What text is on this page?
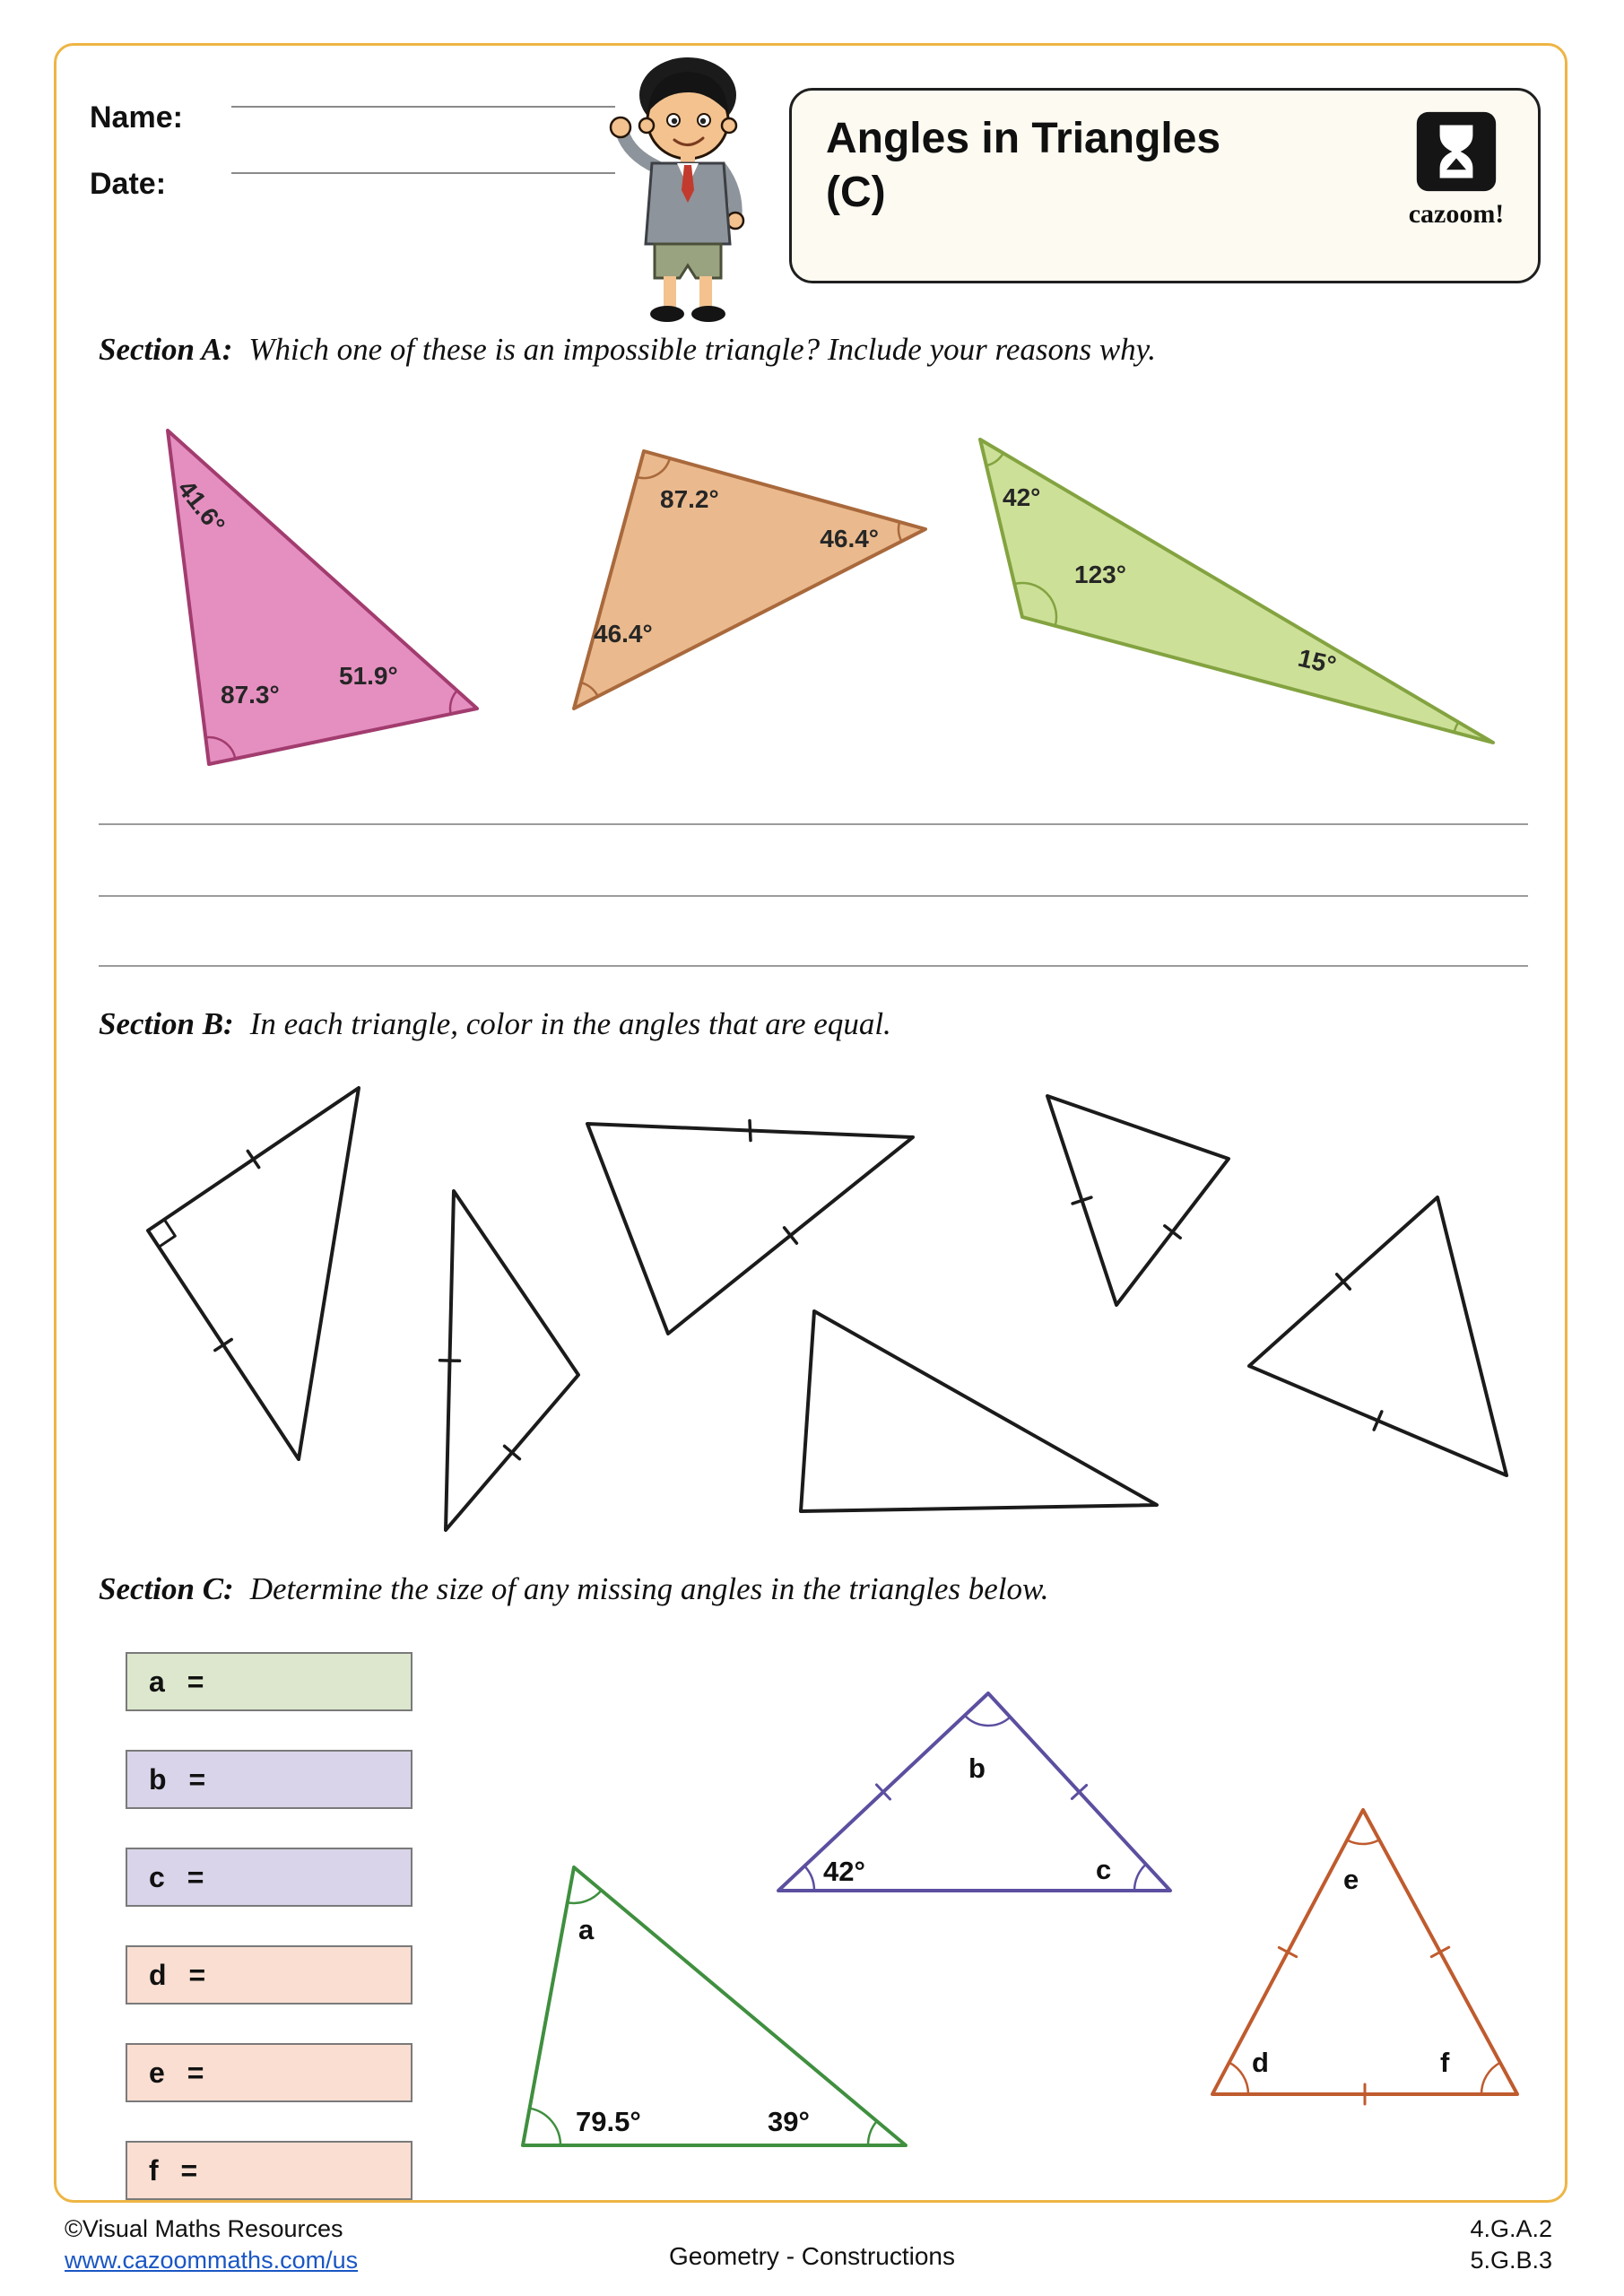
Name:
Date:
Angles in Triangles
(C)	cazoom!
Section A: Which one of these is an impossible triangle? Include your reasons why.
Section B: In each triangle, color in the angles that are equal.
Section C: Determine the size of any missing angles in the triangles below.
a =
b =
c =
d =
e =
f =
41.6°
87.3°
51.9°
87.2°
46.4°
46.4°
42°
123°
15°
42°
b
c
a
79.5°	39°
e
d	f
©Visual Maths Resources
www.cazoommaths.com/us	Geometry - Constructions
4.G.A.2
5.G.B.3
